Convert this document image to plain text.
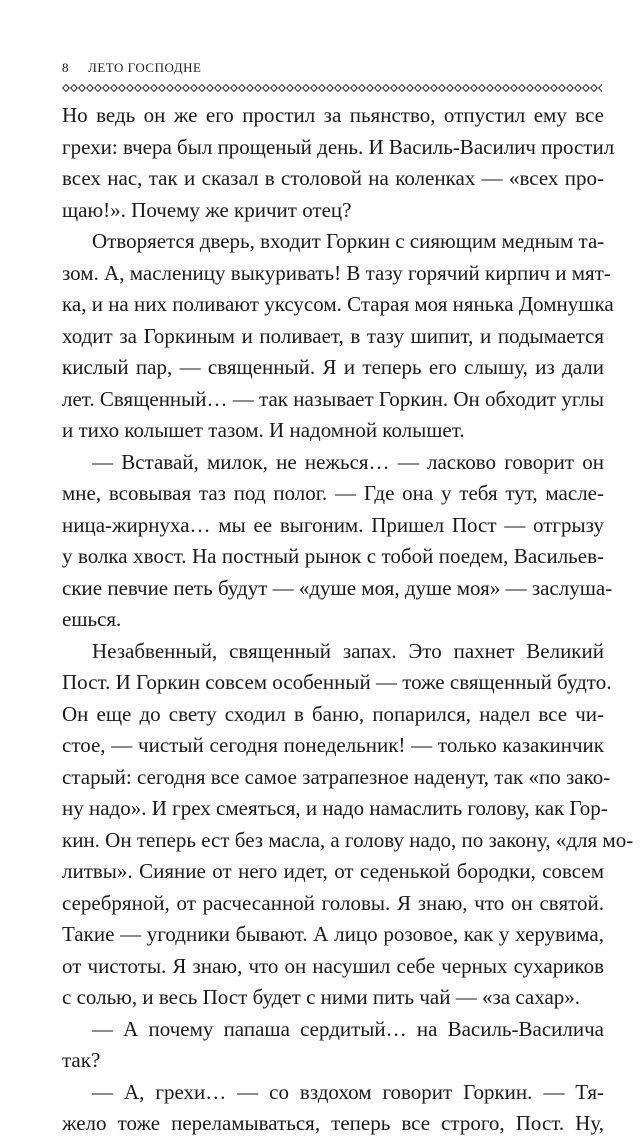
8 ЛЕТО ГОСПОДНЕ
Но ведь он же его простил за пьянство, отпустил ему все
грехи: вчера был прощеный день. И Василь-Василич простил
всех нас, так и сказал в столовой на коленках — «всех про-
щаю!». Почему же кричит отец?
Отворяется дверь, входит Горкин с сияющим медным та-
зом. А, масленицу выкуривать! В тазу горячий кирпич и мят-
ка, и на них поливают уксусом. Старая моя нянька Домнушка
ходит за Горкиным и поливает, в тазу шипит, и подымается
кислый пар, — священный. Я и теперь его слышу, из дали
лет. Священный… — так называет Горкин. Он обходит углы
и тихо колышет тазом. И надомной колышет.
— Вставай, милок, не нежься… — ласково говорит он
мне, всовывая таз под полог. — Где она у тебя тут, масле-
ница-жирнуха… мы ее выгоним. Пришел Пост — отгрызу
у волка хвост. На постный рынок с тобой поедем, Васильев-
ские певчие петь будут — «душе моя, душе моя» — заслуша-
ешься.
Незабвенный, священный запах. Это пахнет Великий
Пост. И Горкин совсем особенный — тоже священный будто.
Он еще до свету сходил в баню, попарился, надел все чи-
стое, — чистый сегодня понедельник! — только казакинчик
старый: сегодня все самое затрапезное наденут, так «по зако-
ну надо». И грех смеяться, и надо намаслить голову, как Гор-
кин. Он теперь ест без масла, а голову надо, по закону, «для мо-
литвы». Сияние от него идет, от седенькой бородки, совсем
серебряной, от расчесанной головы. Я знаю, что он святой.
Такие — угодники бывают. А лицо розовое, как у херувима,
от чистоты. Я знаю, что он насушил себе черных сухариков
с солью, и весь Пост будет с ними пить чай — «за сахар».
— А почему папаша сердитый… на Василь-Василича
так?
— А, грехи… — со вздохом говорит Горкин. — Тя-
жело тоже переламываться, теперь все строго, Пост. Ну,
